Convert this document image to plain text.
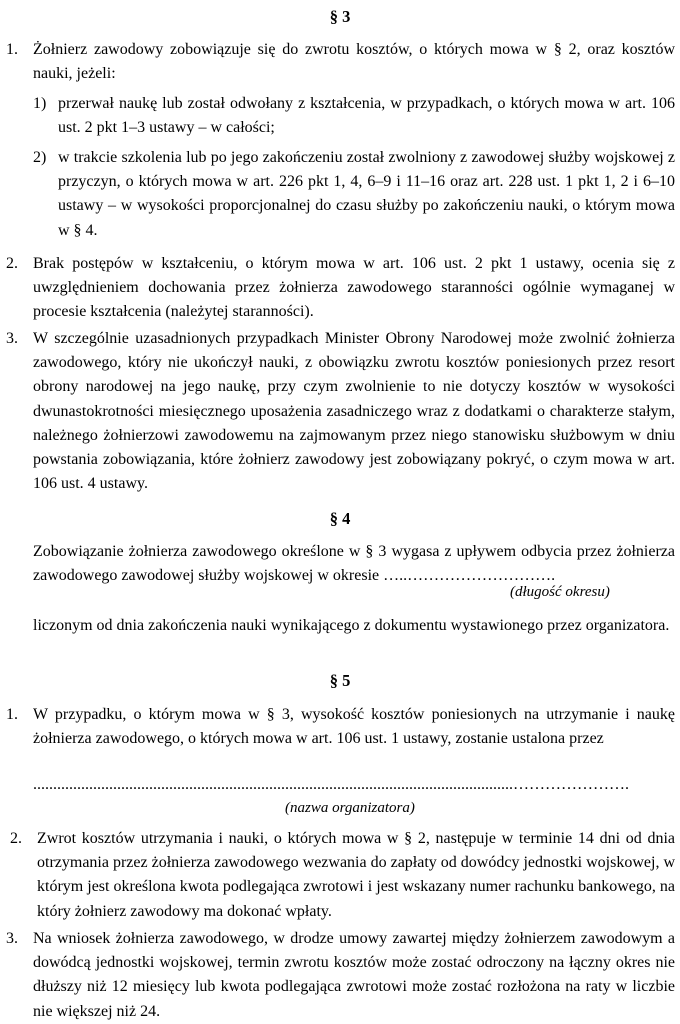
§ 3
1. Żołnierz zawodowy zobowiązuje się do zwrotu kosztów, o których mowa w § 2, oraz kosztów nauki, jeżeli:
1) przerwał naukę lub został odwołany z kształcenia, w przypadkach, o których mowa w art. 106 ust. 2 pkt 1–3 ustawy – w całości;
2) w trakcie szkolenia lub po jego zakończeniu został zwolniony z zawodowej służby wojskowej z przyczyn, o których mowa w art. 226 pkt 1, 4, 6–9 i 11–16 oraz art. 228 ust. 1 pkt 1, 2 i 6–10 ustawy – w wysokości proporcjonalnej do czasu służby po zakończeniu nauki, o którym mowa w § 4.
2. Brak postępów w kształceniu, o którym mowa w art. 106 ust. 2 pkt 1 ustawy, ocenia się z uwzględnieniem dochowania przez żołnierza zawodowego staranności ogólnie wymaganej w procesie kształcenia (należytej staranności).
3. W szczególnie uzasadnionych przypadkach Minister Obrony Narodowej może zwolnić żołnierza zawodowego, który nie ukończył nauki, z obowiązku zwrotu kosztów poniesionych przez resort obrony narodowej na jego naukę, przy czym zwolnienie to nie dotyczy kosztów w wysokości dwunastokrotności miesięcznego uposażenia zasadniczego wraz z dodatkami o charakterze stałym, należnego żołnierzowi zawodowemu na zajmowanym przez niego stanowisku służbowym w dniu powstania zobowiązania, które żołnierz zawodowy jest zobowiązany pokryć, o czym mowa w art. 106 ust. 4 ustawy.
§ 4
Zobowiązanie żołnierza zawodowego określone w § 3 wygasa z upływem odbycia przez żołnierza zawodowego zawodowej służby wojskowej w okresie …..……………………….
(długość okresu)
liczonym od dnia zakończenia nauki wynikającego z dokumentu wystawionego przez organizatora.
§ 5
1. W przypadku, o którym mowa w § 3, wysokość kosztów poniesionych na utrzymanie i naukę żołnierza zawodowego, o których mowa w art. 106 ust. 1 ustawy, zostanie ustalona przez
........................................................................................................................………………….
(nazwa organizatora)
2. Zwrot kosztów utrzymania i nauki, o których mowa w § 2, następuje w terminie 14 dni od dnia otrzymania przez żołnierza zawodowego wezwania do zapłaty od dowódcy jednostki wojskowej, w którym jest określona kwota podlegająca zwrotowi i jest wskazany numer rachunku bankowego, na który żołnierz zawodowy ma dokonać wpłaty.
3. Na wniosek żołnierza zawodowego, w drodze umowy zawartej między żołnierzem zawodowym a dowódcą jednostki wojskowej, termin zwrotu kosztów może zostać odroczony na łączny okres nie dłuższy niż 12 miesięcy lub kwota podlegająca zwrotowi może zostać rozłożona na raty w liczbie nie większej niż 24.
